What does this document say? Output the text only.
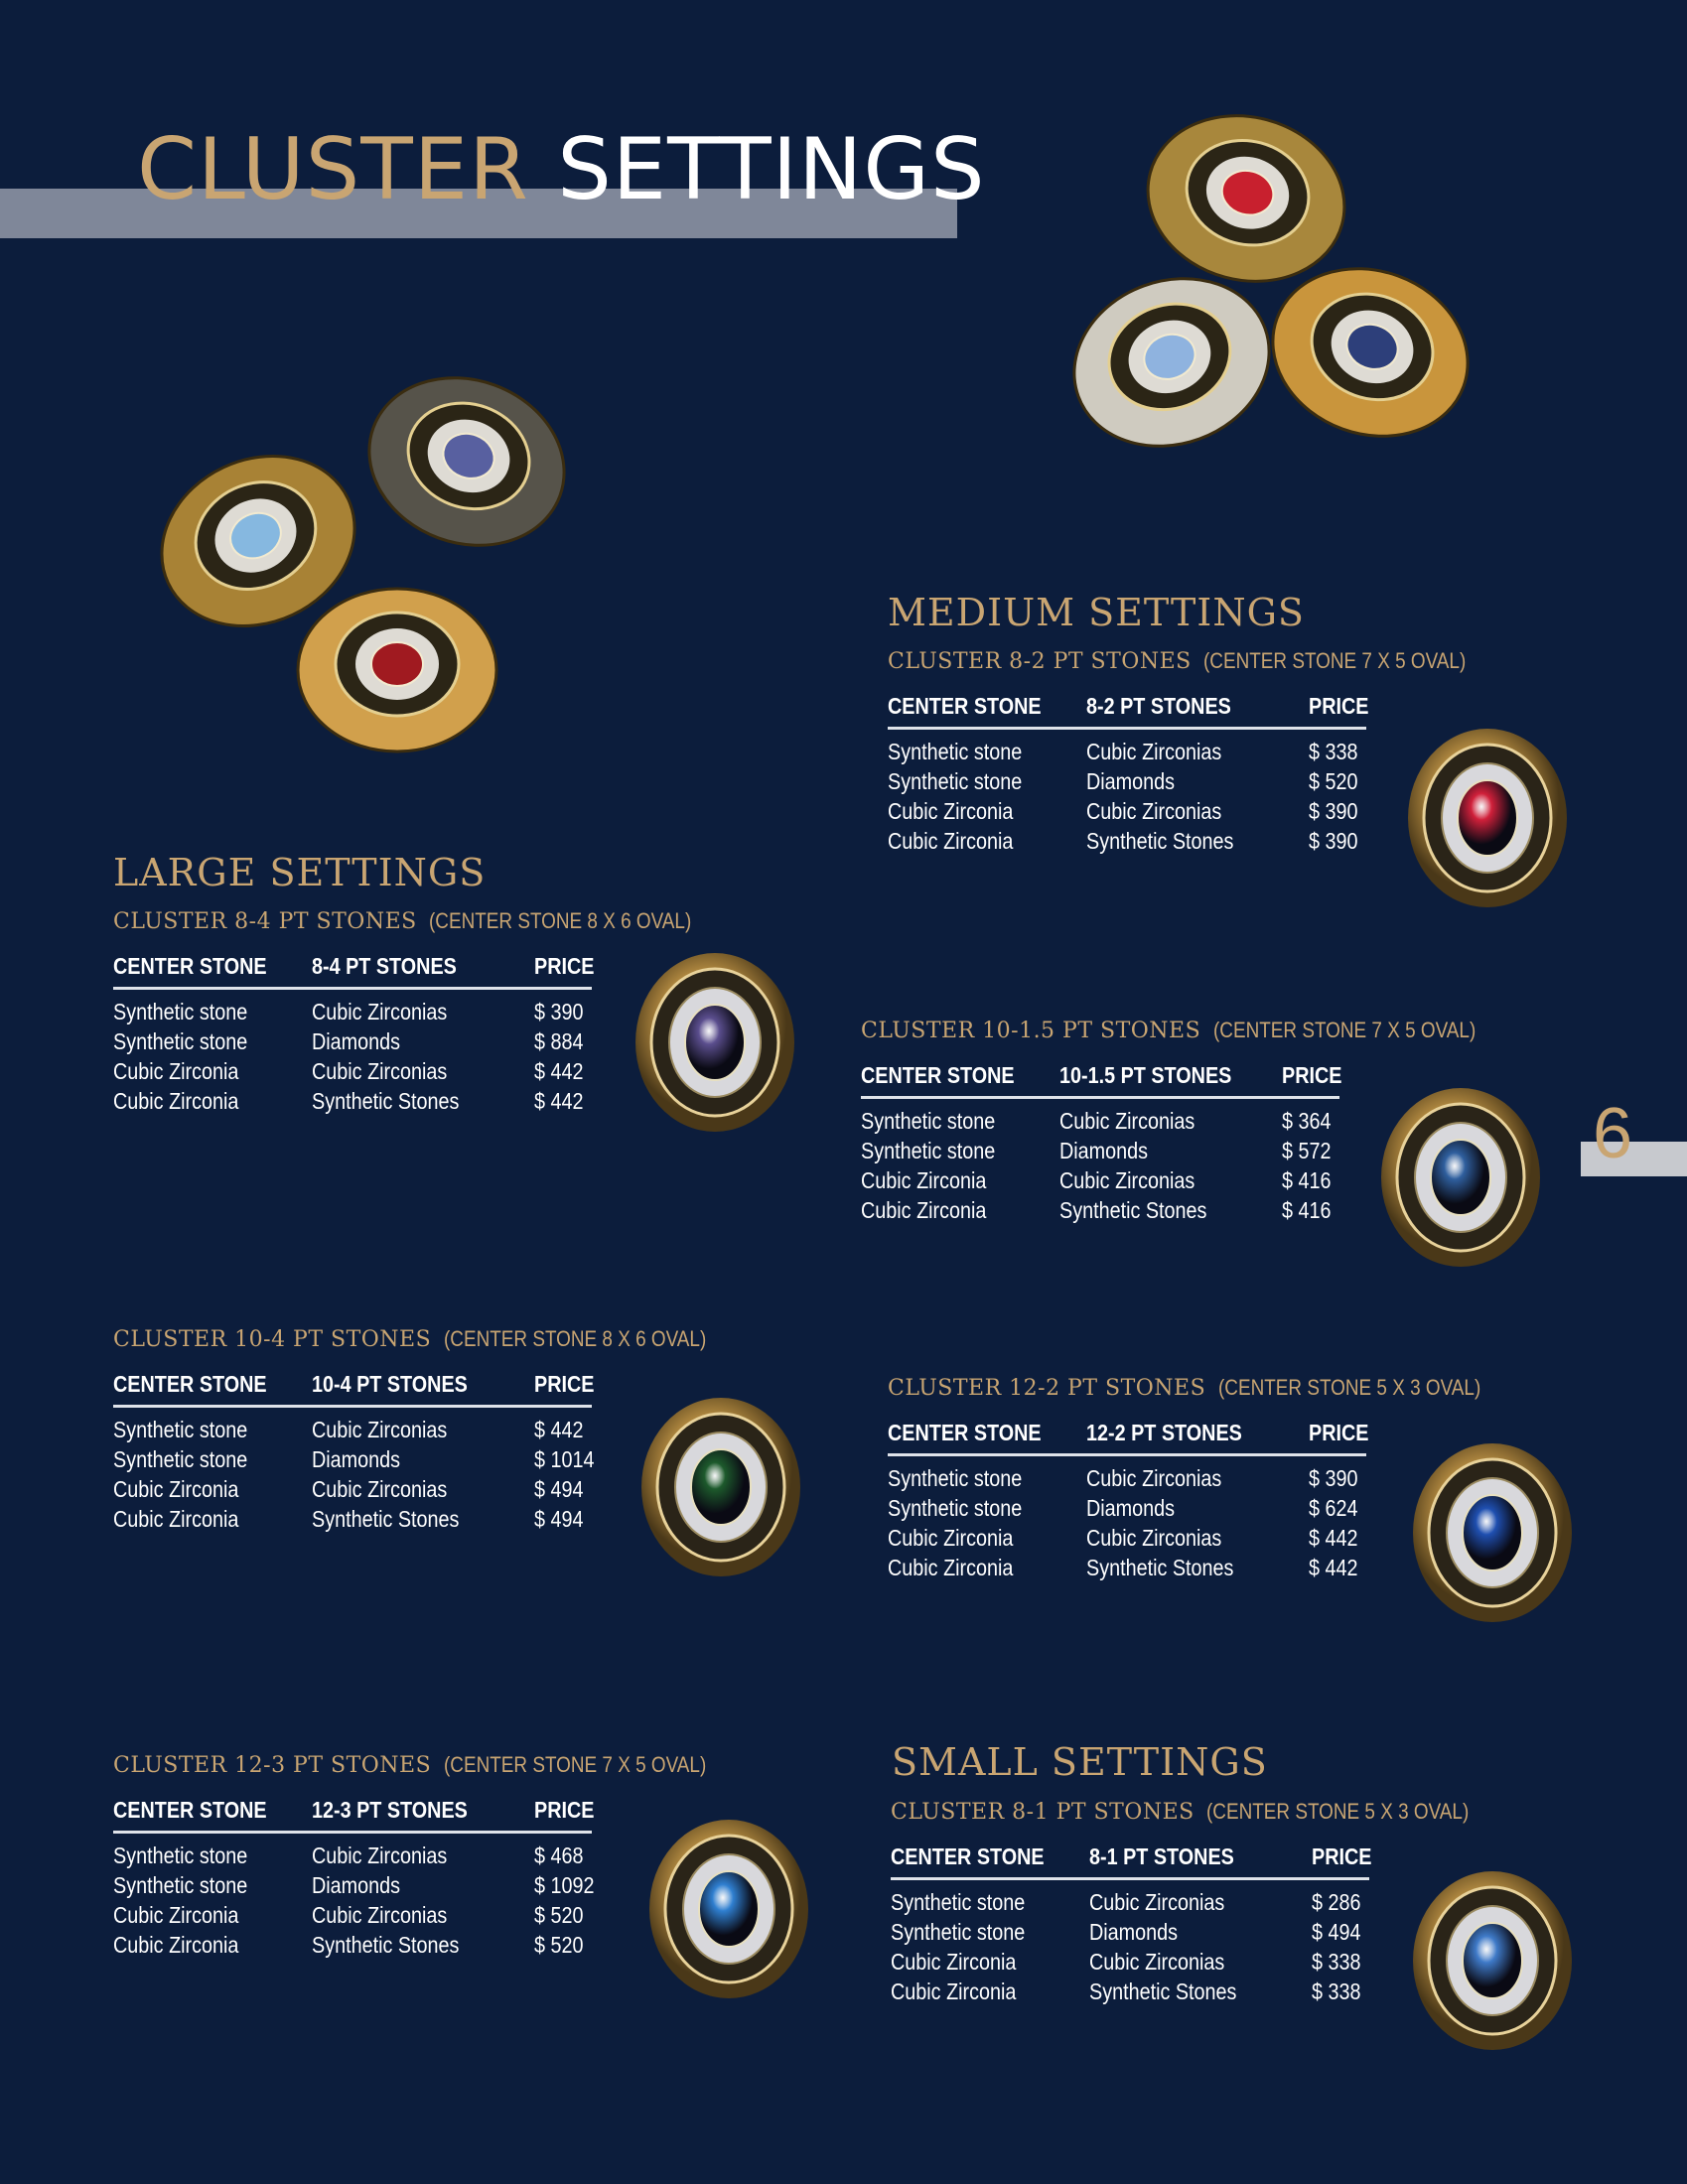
CLUSTER SETTINGS
MEDIUM SETTINGS
LARGE SETTINGS
SMALL SETTINGS
CLUSTER 8-2 PT STONES (CENTER STONE 7 X 5 OVAL)
CENTER STONE 8-2 PT STONES	PRICE
Synthetic stone	Cubic Zirconias	$ 338
Synthetic stone	Diamonds	$ 520
Cubic Zirconia	Cubic Zirconias	$ 390
Cubic Zirconia	Synthetic Stones	$ 390
CLUSTER 8-4 PT STONES (CENTER STONE 8 X 6 OVAL)
CENTER STONE 8-4 PT STONES	PRICE
Synthetic stone	Cubic Zirconias	$ 390
Synthetic stone	Diamonds	$ 884
Cubic Zirconia	Cubic Zirconias	$ 442
Cubic Zirconia	Synthetic Stones	$ 442
CLUSTER 10-1.5 PT STONES (CENTER STONE 7 X 5 OVAL)
CENTER STONE 10-1.5 PT STONES PRICE
Synthetic stone	Cubic Zirconias	$ 364
Synthetic stone	Diamonds	$ 572
Cubic Zirconia	Cubic Zirconias	$ 416
Cubic Zirconia	Synthetic Stones	$ 416
CLUSTER 10-4 PT STONES (CENTER STONE 8 X 6 OVAL)
CENTER STONE 10-4 PT STONES	PRICE
Synthetic stone	Cubic Zirconias	$ 442
Synthetic stone	Diamonds	$ 1014
Cubic Zirconia	Cubic Zirconias	$ 494
Cubic Zirconia	Synthetic Stones	$ 494
CLUSTER 12-2 PT STONES (CENTER STONE 5 X 3 OVAL)
CENTER STONE 12-2 PT STONES	PRICE
Synthetic stone	Cubic Zirconias	$ 390
Synthetic stone	Diamonds	$ 624
Cubic Zirconia	Cubic Zirconias	$ 442
Cubic Zirconia	Synthetic Stones	$ 442
CLUSTER 12-3 PT STONES (CENTER STONE 7 X 5 OVAL)
CENTER STONE 12-3 PT STONES	PRICE
Synthetic stone	Cubic Zirconias	$ 468
Synthetic stone	Diamonds	$ 1092
Cubic Zirconia	Cubic Zirconias	$ 520
Cubic Zirconia	Synthetic Stones	$ 520
CLUSTER 8-1 PT STONES (CENTER STONE 5 X 3 OVAL)
CENTER STONE 8-1 PT STONES	PRICE
Synthetic stone	Cubic Zirconias	$ 286
Synthetic stone	Diamonds	$ 494
Cubic Zirconia	Cubic Zirconias	$ 338
Cubic Zirconia	Synthetic Stones	$ 338
6
